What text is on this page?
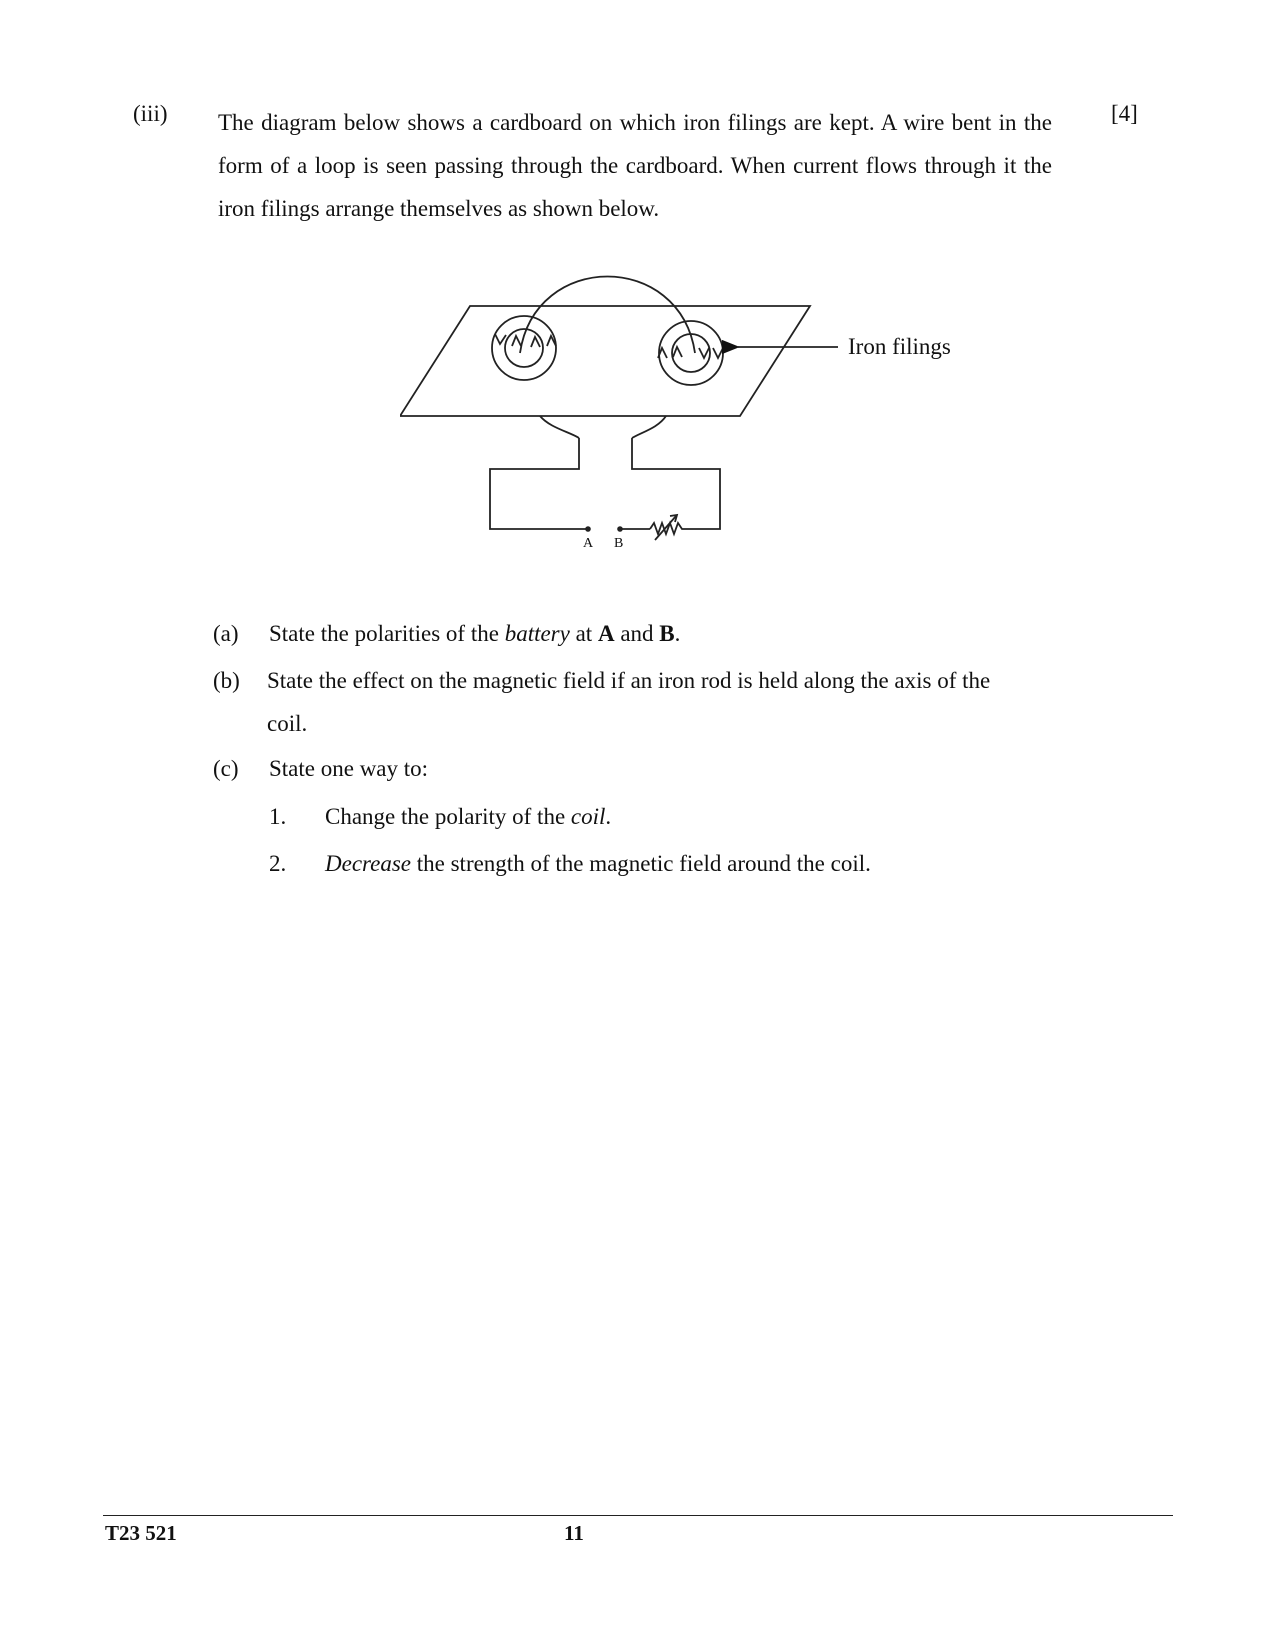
(iii) The diagram below shows a cardboard on which iron filings are kept. A wire bent in the form of a loop is seen passing through the cardboard. When current flows through it the iron filings arrange themselves as shown below.
[4]
A B
Iron filings
(a) State the polarities of the battery at A and B.
(b) State the effect on the magnetic field if an iron rod is held along the axis of the
coil.
(c) State one way to:
1. Change the polarity of the coil.
2. Decrease the strength of the magnetic field around the coil.
T23 521	11
